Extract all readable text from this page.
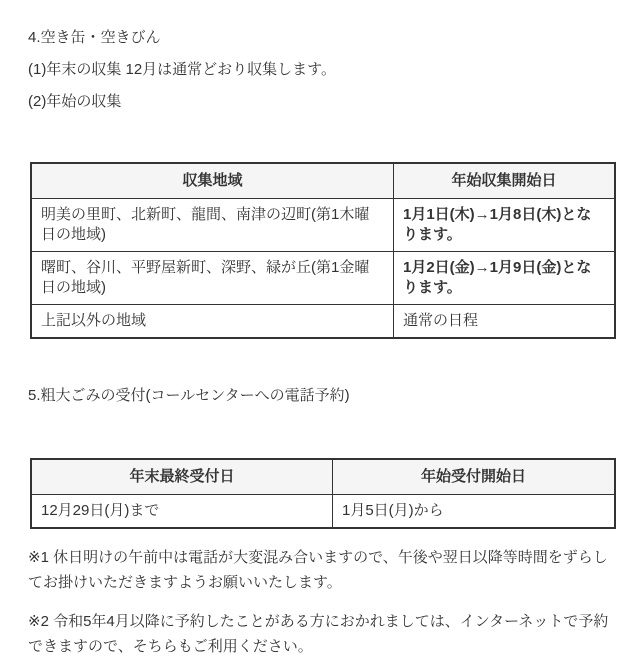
4.空き缶・空きびん

(1)年末の収集 12月は通常どおり収集します。

(2)年始の収集

収集地域	年始収集開始日
明美の里町、北新町、龍間、南津の辺町(第1木曜日の地域)	1月1日(木)→1月8日(木)となります。
曙町、谷川、平野屋新町、深野、緑が丘(第1金曜日の地域)	1月2日(金)→1月9日(金)となります。
上記以外の地域	通常の日程

5.粗大ごみの受付(コールセンターへの電話予約)

年末最終受付日	年始受付開始日
12月29日(月)まで	1月5日(月)から

※1 休日明けの午前中は電話が大変混み合いますので、午後や翌日以降等時間をずらしてお掛けいただきますようお願いいたします。

※2 令和5年4月以降に予約したことがある方におかれましては、インターネットで予約できますので、そちらもご利用ください。
